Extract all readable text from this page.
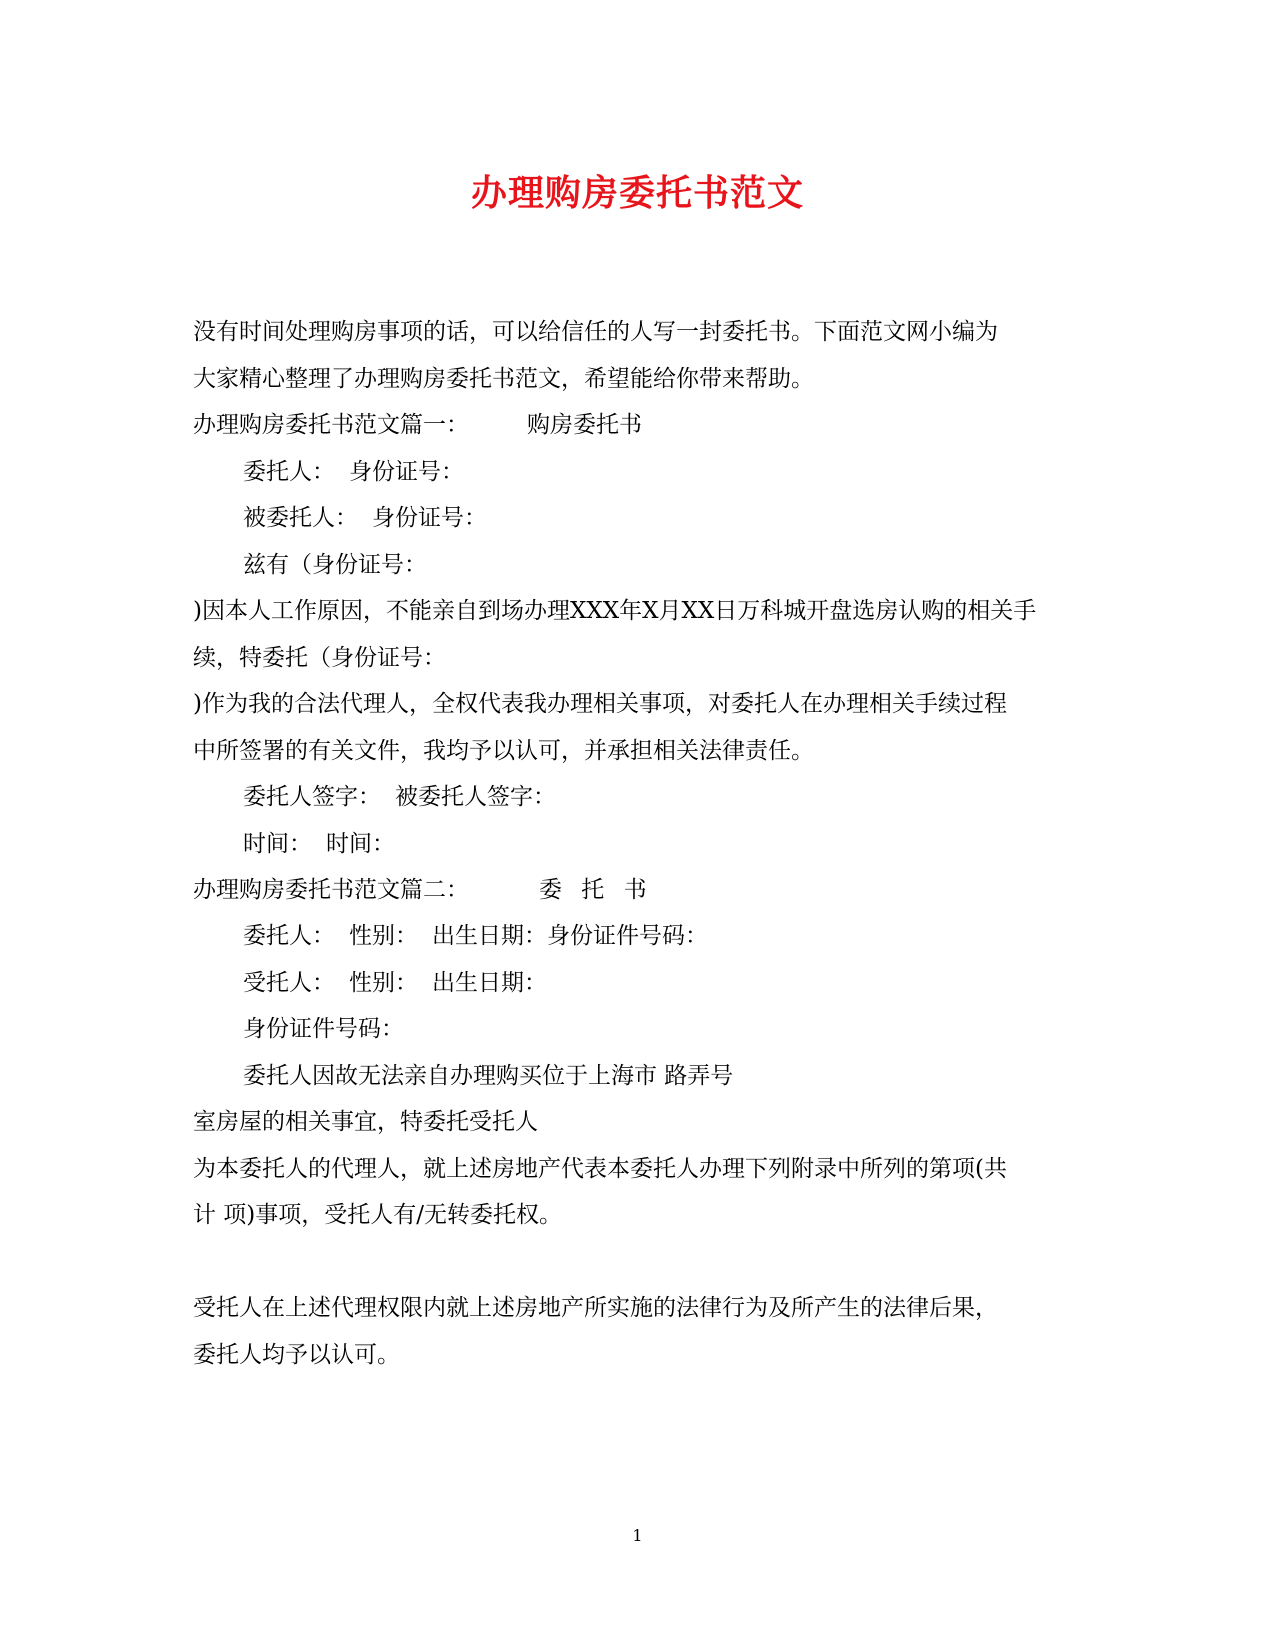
办理购房委托书范文
没有时间处理购房事项的话，可以给信任的人写一封委托书。下面范文网小编为
大家精心整理了办理购房委托书范文，希望能给你带来帮助。
办理购房委托书范文篇一：	购房委托书
委托人： 身份证号：
被委托人： 身份证号：
兹有（身份证号：
)因本人工作原因，不能亲自到场办理XXX年X月XX日万科城开盘选房认购的相关手
续，特委托（身份证号：
)作为我的合法代理人，全权代表我办理相关事项，对委托人在办理相关手续过程
中所签署的有关文件，我均予以认可，并承担相关法律责任。
委托人签字： 被委托人签字：
时间： 时间：
办理购房委托书范文篇二：	委 托 书
委托人： 性别： 出生日期：身份证件号码：
受托人： 性别： 出生日期：
身份证件号码：
委托人因故无法亲自办理购买位于上海市 路弄号
室房屋的相关事宜，特委托受托人
为本委托人的代理人，就上述房地产代表本委托人办理下列附录中所列的第项(共
计 项)事项，受托人有/无转委托权。
受托人在上述代理权限内就上述房地产所实施的法律行为及所产生的法律后果，
委托人均予以认可。
1
